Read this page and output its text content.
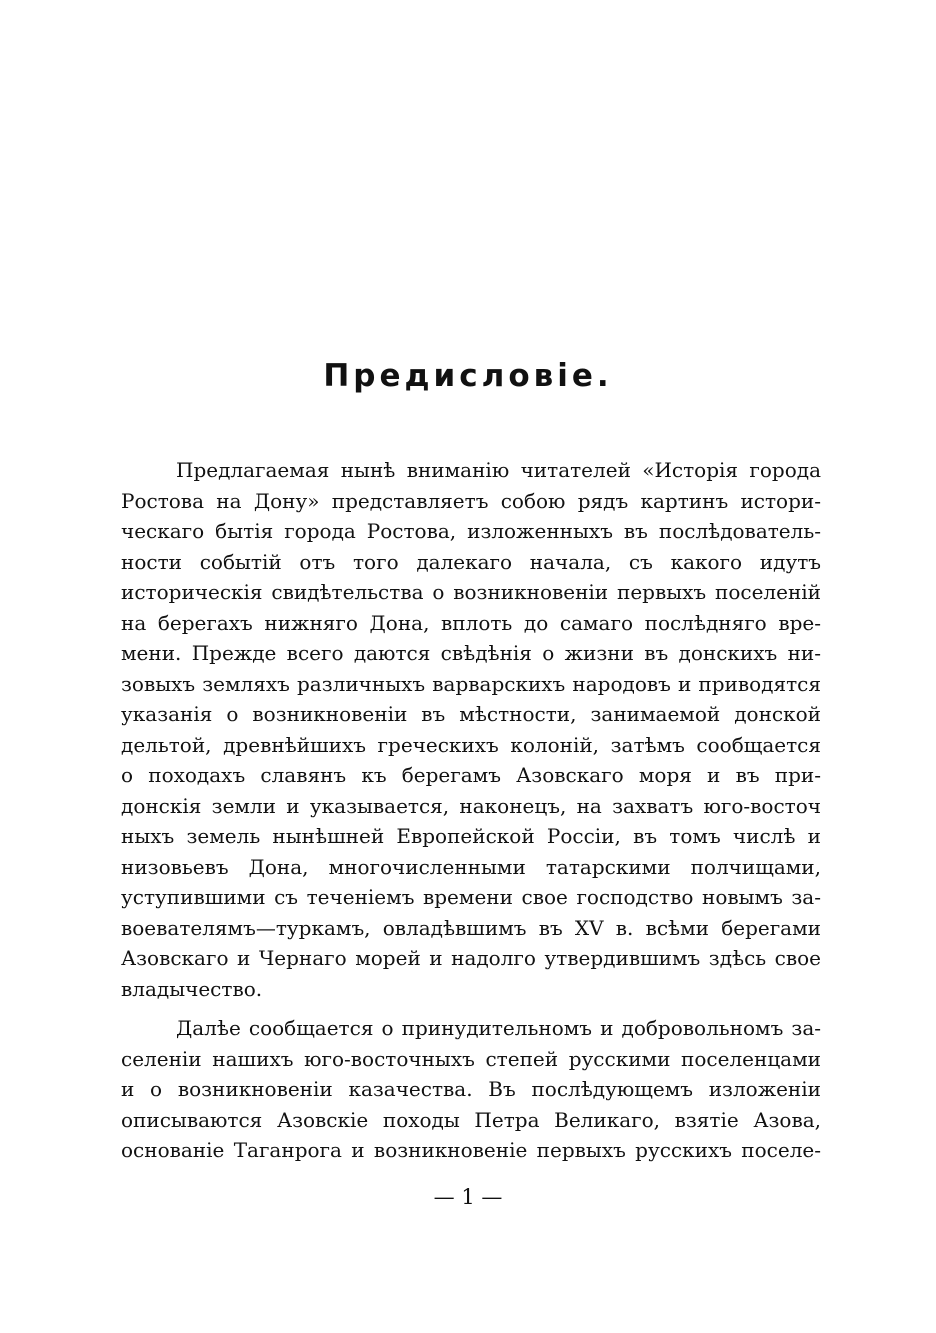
Предисловіе.
Предлагаемая нынѣ вниманію читателей «Исторія города
Ростова на Дону» представляетъ собою рядъ картинъ истори-
ческаго бытія города Ростова, изложенныхъ въ послѣдователь-
ности событій отъ того далекаго начала, съ какого идутъ
историческія свидѣтельства о возникновеніи первыхъ поселеній
на берегахъ нижняго Дона, вплоть до самаго послѣдняго вре-
мени. Прежде всего даются свѣдѣнія о жизни въ донскихъ ни-
зовыхъ земляхъ различныхъ варварскихъ народовъ и приводятся
указанія о возникновеніи въ мѣстности, занимаемой донской
дельтой, древнѣйшихъ греческихъ колоній, затѣмъ сообщается
о походахъ славянъ къ берегамъ Азовскаго моря и въ при-
донскія земли и указывается, наконецъ, на захватъ юго-восточ
ныхъ земель нынѣшней Европейской Россіи, въ томъ числѣ и
низовьевъ Дона, многочисленными татарскими полчищами,
уступившими съ теченіемъ времени свое господство новымъ за-
воевателямъ—туркамъ, овладѣвшимъ въ XV в. всѣми берегами
Азовскаго и Чернаго морей и надолго утвердившимъ здѣсь свое
владычество.
Далѣе сообщается о принудительномъ и добровольномъ за-
селеніи нашихъ юго-восточныхъ степей русскими поселенцами
и о возникновеніи казачества. Въ послѣдующемъ изложеніи
описываются Азовскіе походы Петра Великаго, взятіе Азова,
основаніе Таганрога и возникновеніе первыхъ русскихъ поселе-
— 1 —
